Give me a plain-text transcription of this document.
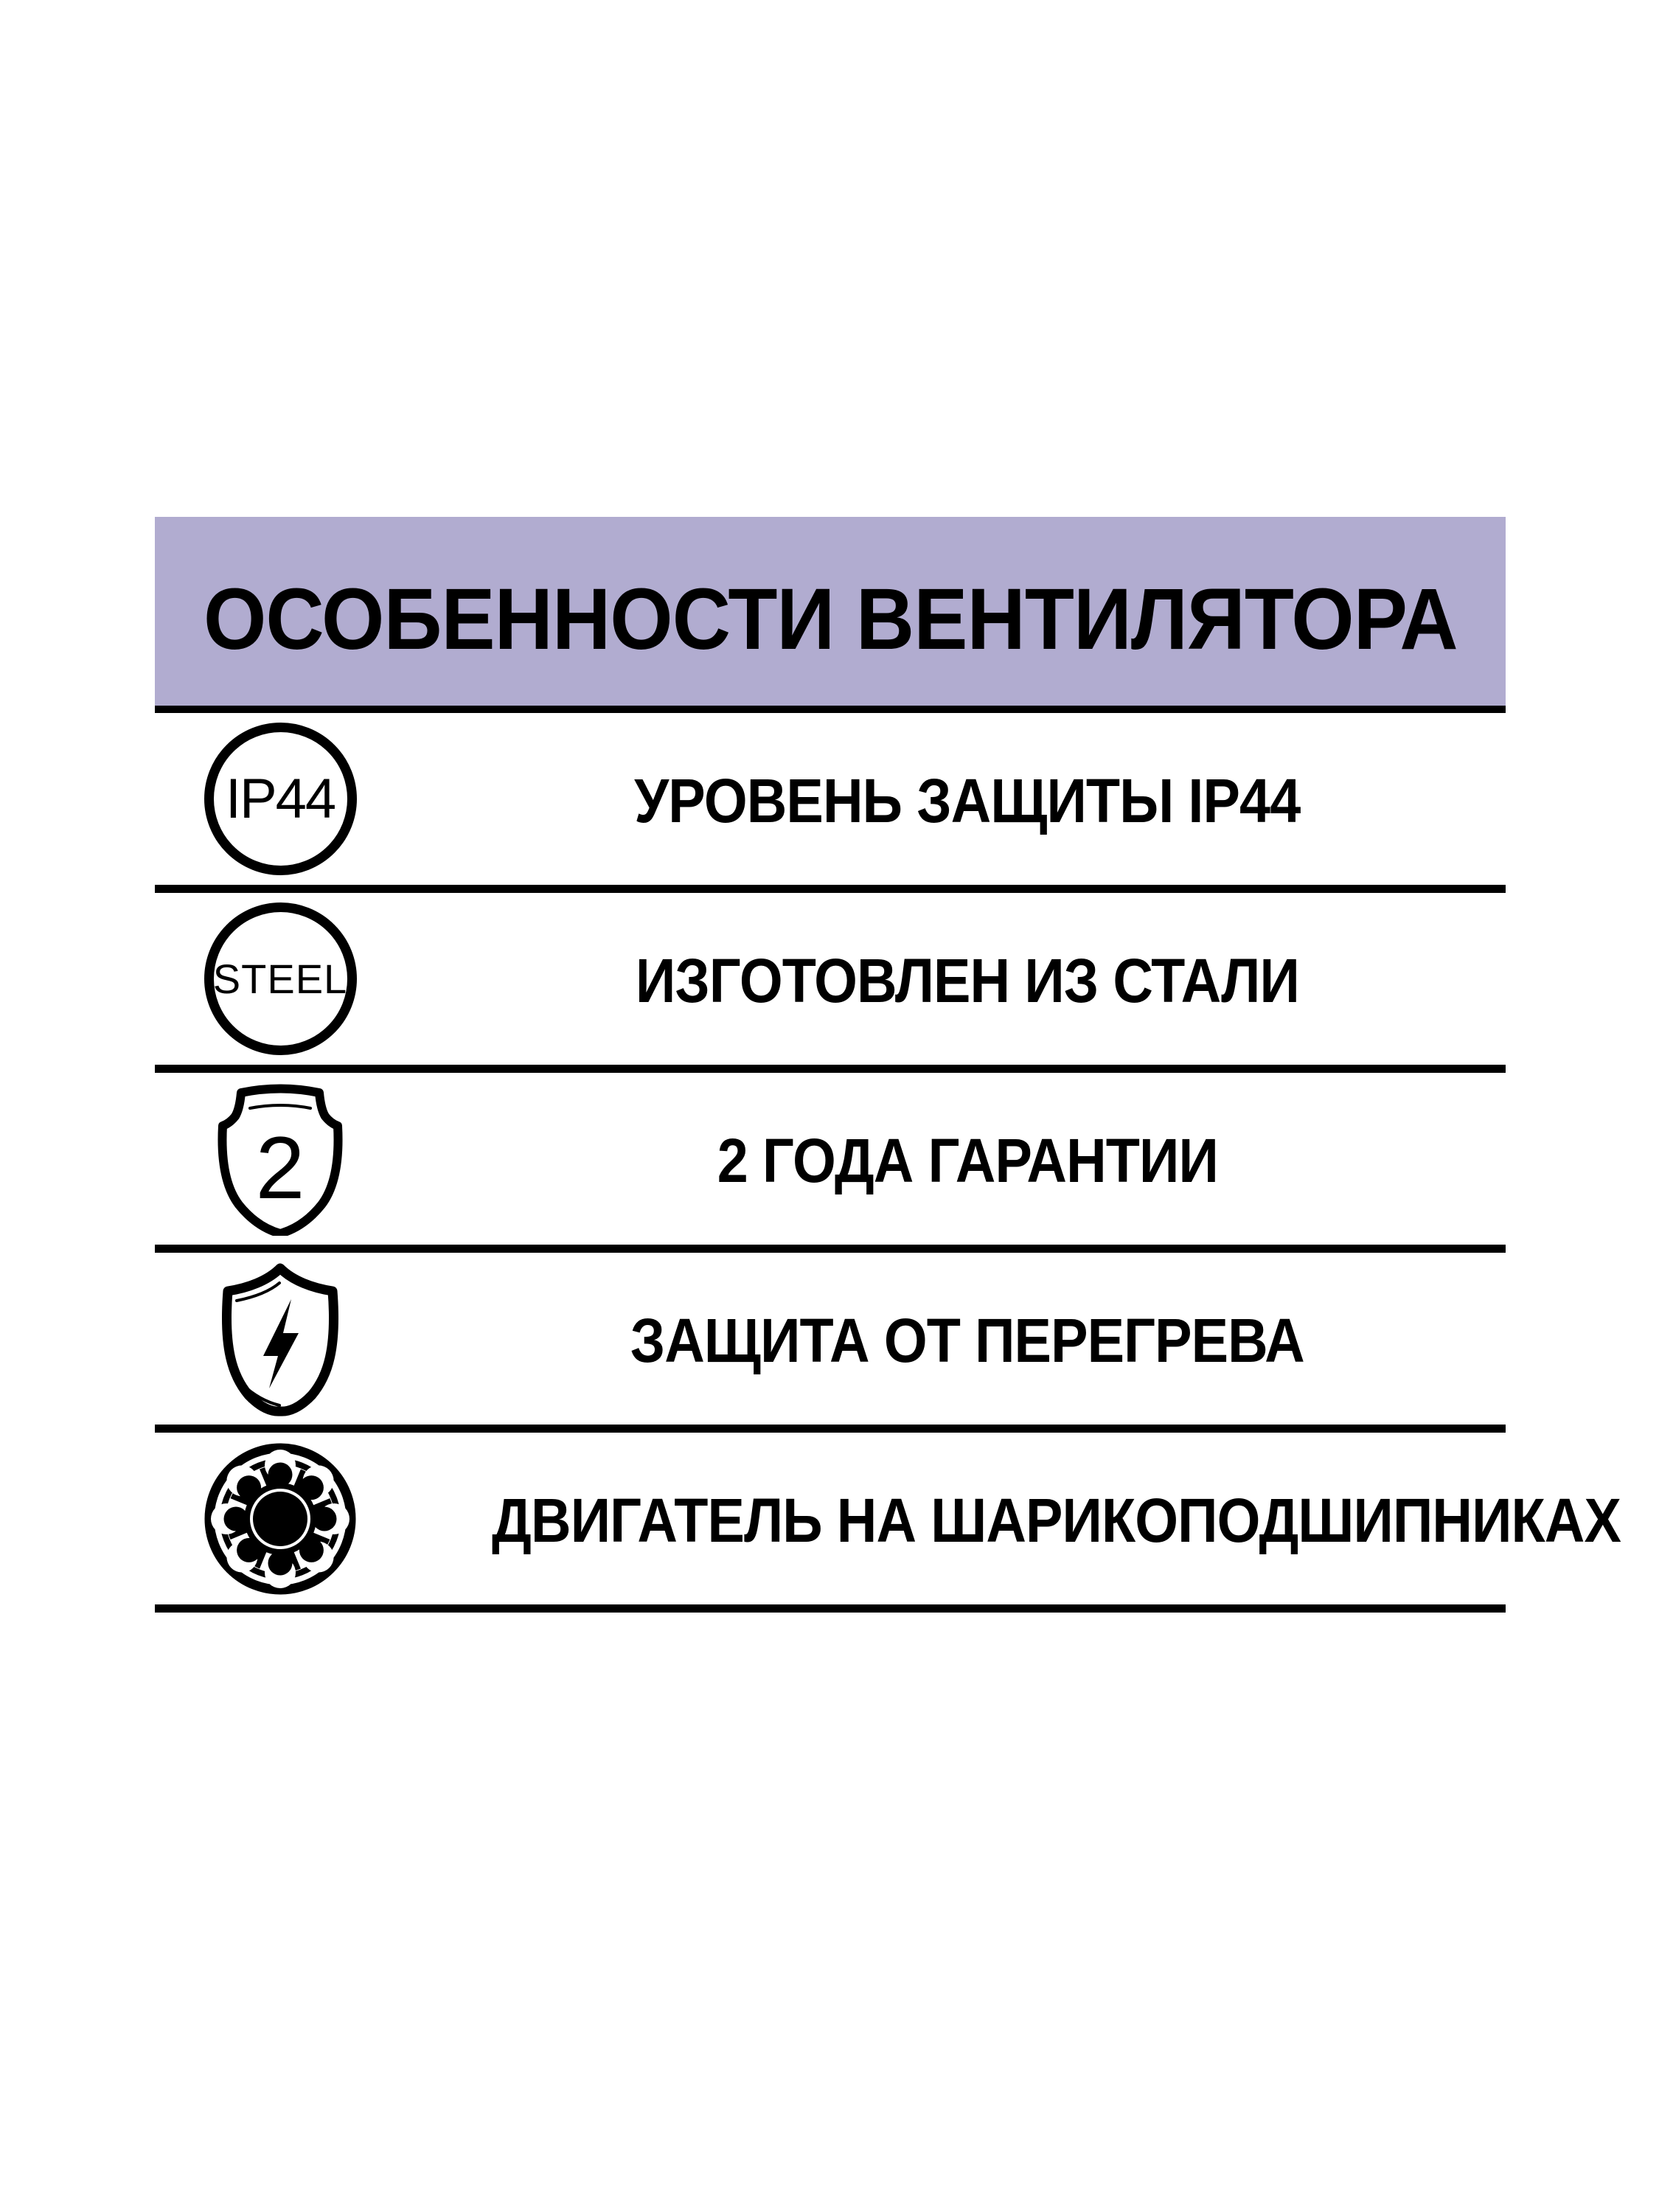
ОСОБЕННОСТИ ВЕНТИЛЯТОРА
IP44	УРОВЕНЬ ЗАЩИТЫ IP44
STEEL	ИЗГОТОВЛЕН ИЗ СТАЛИ
2	2 ГОДА ГАРАНТИИ
ЗАЩИТА ОТ ПЕРЕГРЕВА
ДВИГАТЕЛЬ НА ШАРИКОПОДШИПНИКАХ
